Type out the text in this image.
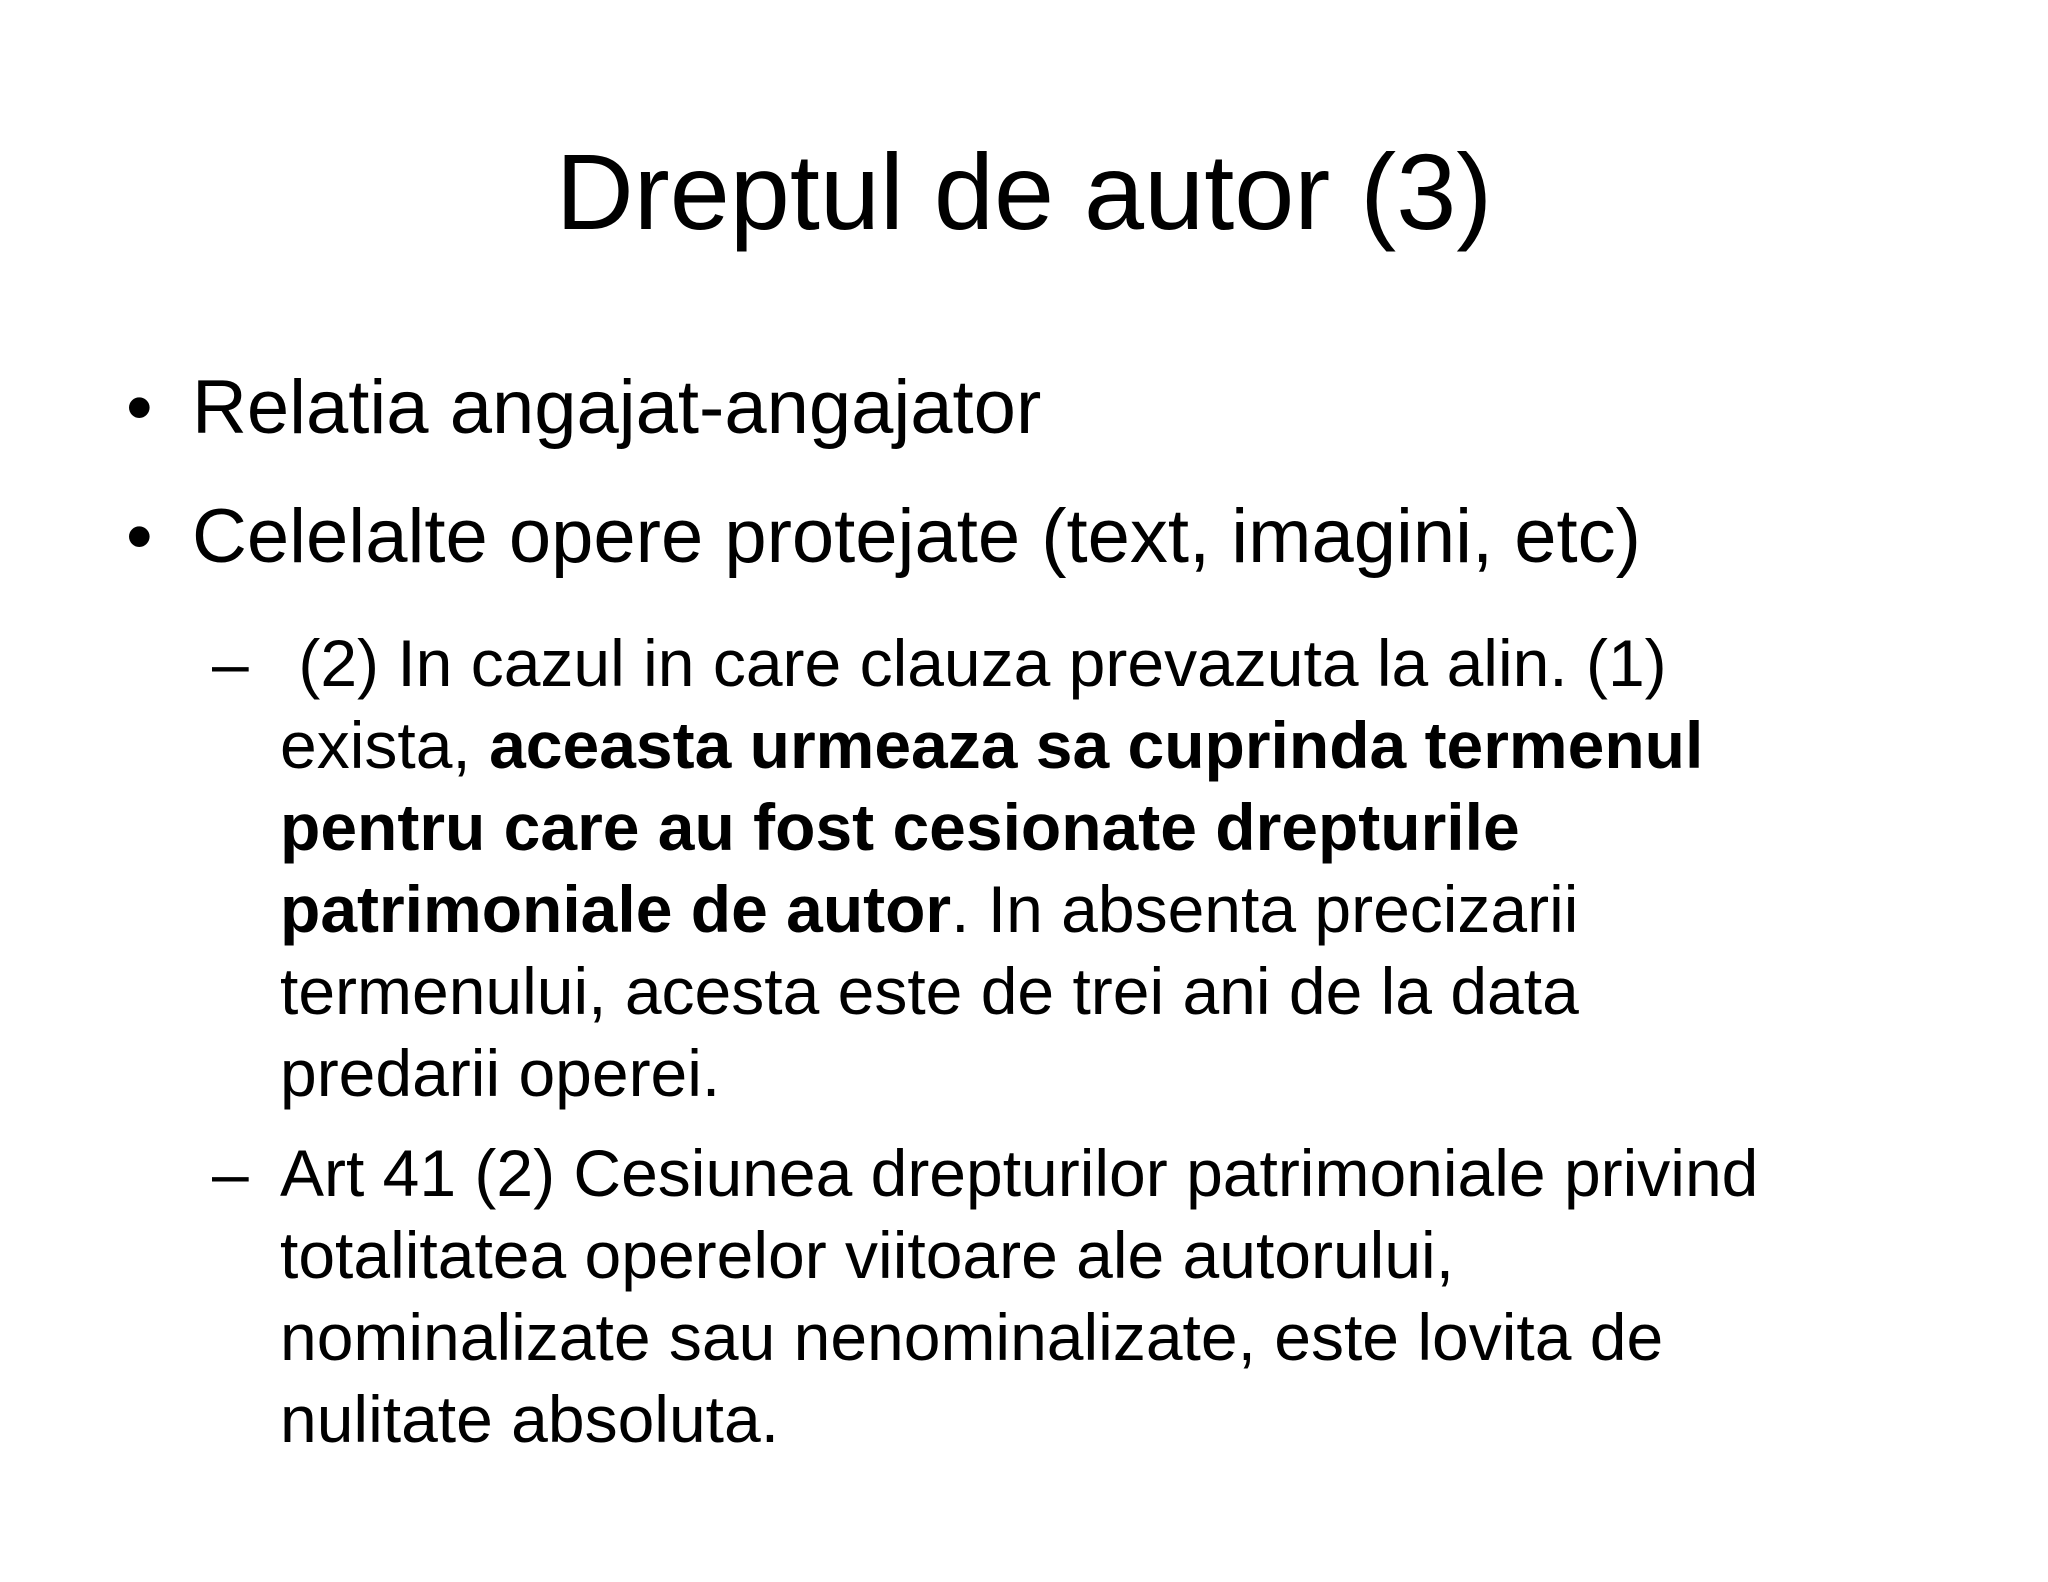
Dreptul de autor (3)
• Relatia angajat-angajator
• Celelalte opere protejate (text, imagini, etc)
– (2) In cazul in care clauza prevazuta la alin. (1)
exista, aceasta urmeaza sa cuprinda termenul
pentru care au fost cesionate drepturile
patrimoniale de autor. In absenta precizarii
termenului, acesta este de trei ani de la data
predarii operei.
– Art 41 (2) Cesiunea drepturilor patrimoniale privind
totalitatea operelor viitoare ale autorului,
nominalizate sau nenominalizate, este lovita de
nulitate absoluta.
